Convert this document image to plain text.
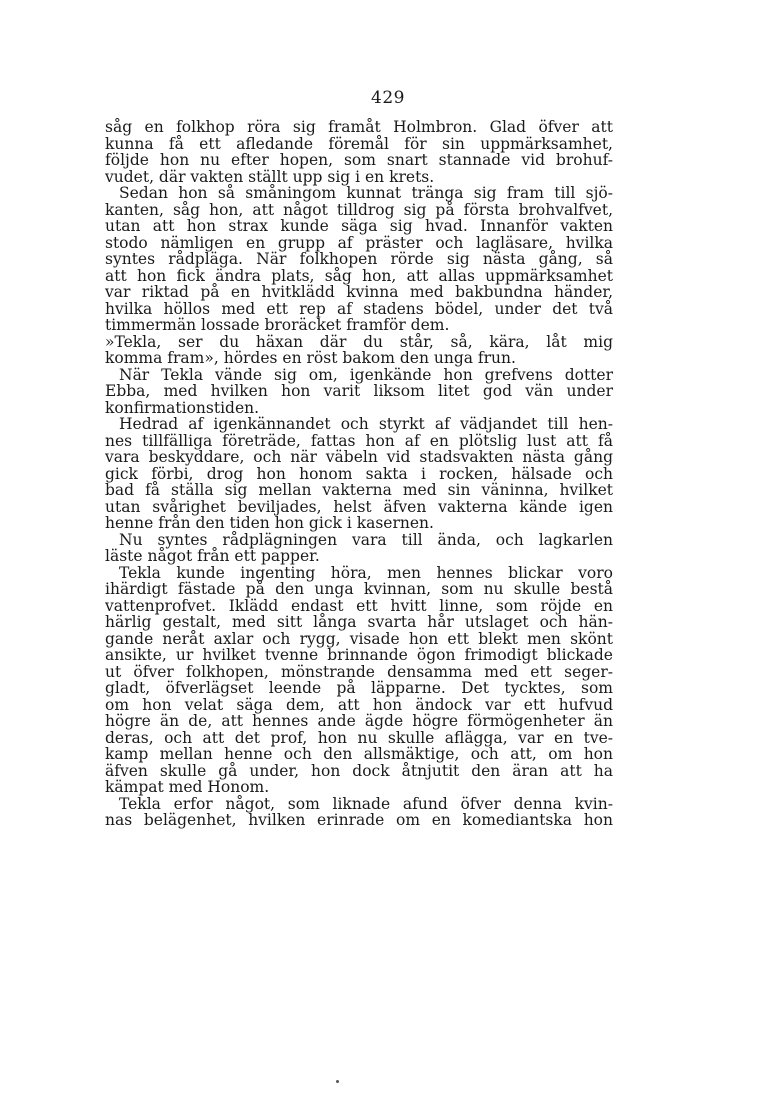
429
såg en folkhop röra sig framåt Holmbron. Glad öfver att
kunna få ett afledande föremål för sin uppmärksamhet,
följde hon nu efter hopen, som snart stannade vid brohuf-
vudet, där vakten ställt upp sig i en krets.
Sedan hon så småningom kunnat tränga sig fram till sjö-
kanten, såg hon, att något tilldrog sig på första brohvalfvet,
utan att hon strax kunde säga sig hvad. Innanför vakten
stodo nämligen en grupp af präster och lagläsare, hvilka
syntes rådpläga. När folkhopen rörde sig nästa gång, så
att hon fick ändra plats, såg hon, att allas uppmärksamhet
var riktad på en hvitklädd kvinna med bakbundna händer,
hvilka höllos med ett rep af stadens bödel, under det två
timmermän lossade broräcket framför dem.
»Tekla, ser du häxan där du står, så, kära, låt mig
komma fram», hördes en röst bakom den unga frun.
När Tekla vände sig om, igenkände hon grefvens dotter
Ebba, med hvilken hon varit liksom litet god vän under
konfirmationstiden.
Hedrad af igenkännandet och styrkt af vädjandet till hen-
nes tillfälliga företräde, fattas hon af en plötslig lust att få
vara beskyddare, och när väbeln vid stadsvakten nästa gång
gick förbi, drog hon honom sakta i rocken, hälsade och
bad få ställa sig mellan vakterna med sin väninna, hvilket
utan svårighet beviljades, helst äfven vakterna kände igen
henne från den tiden hon gick i kasernen.
Nu syntes rådplägningen vara till ända, och lagkarlen
läste något från ett papper.
Tekla kunde ingenting höra, men hennes blickar voro
ihärdigt fästade på den unga kvinnan, som nu skulle bestå
vattenprofvet. Iklädd endast ett hvitt linne, som röjde en
härlig gestalt, med sitt långa svarta hår utslaget och hän-
gande neråt axlar och rygg, visade hon ett blekt men skönt
ansikte, ur hvilket tvenne brinnande ögon frimodigt blickade
ut öfver folkhopen, mönstrande densamma med ett seger-
gladt, öfverlägset leende på läpparne. Det tycktes, som
om hon velat säga dem, att hon ändock var ett hufvud
högre än de, att hennes ande ägde högre förmögenheter än
deras, och att det prof, hon nu skulle aflägga, var en tve-
kamp mellan henne och den allsmäktige, och att, om hon
äfven skulle gå under, hon dock åtnjutit den äran att ha
kämpat med Honom.
Tekla erfor något, som liknade afund öfver denna kvin-
nas belägenhet, hvilken erinrade om en komediantska hon
